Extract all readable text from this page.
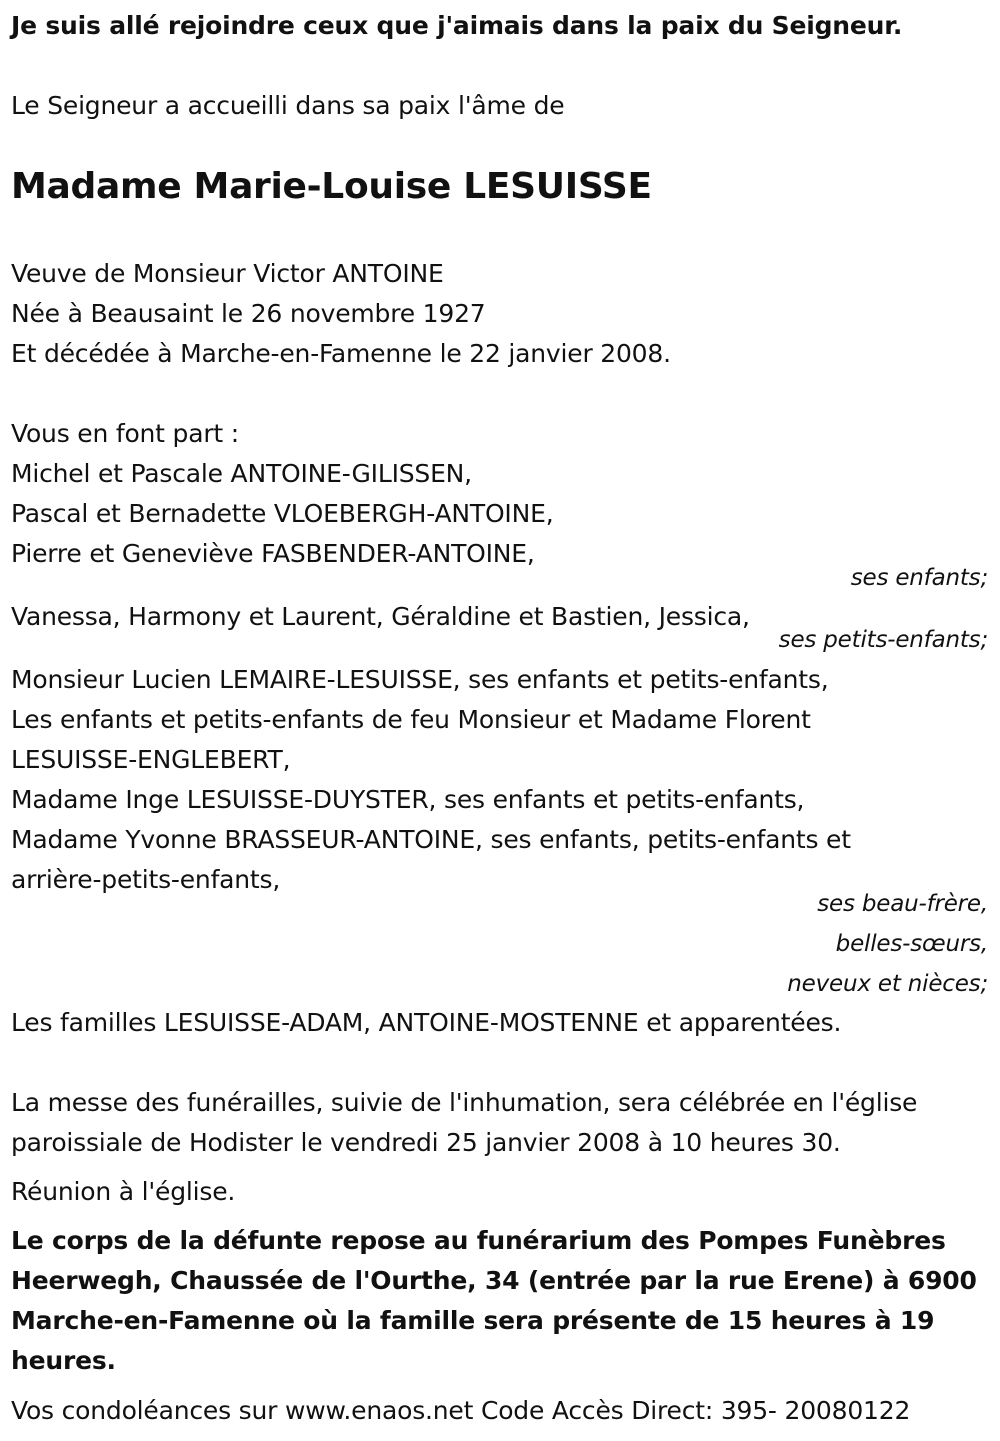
Je suis allé rejoindre ceux que j'aimais dans la paix du Seigneur.

Le Seigneur a accueilli dans sa paix l'âme de

Madame Marie-Louise LESUISSE

Veuve de Monsieur Victor ANTOINE

Née à Beausaint le 26 novembre 1927

Et décédée à Marche-en-Famenne le 22 janvier 2008.

Vous en font part :

Michel et Pascale ANTOINE-GILISSEN,

Pascal et Bernadette VLOEBERGH-ANTOINE,

Pierre et Geneviève FASBENDER-ANTOINE,

ses enfants;

Vanessa, Harmony et Laurent, Géraldine et Bastien, Jessica,

ses petits-enfants;

Monsieur Lucien LEMAIRE-LESUISSE, ses enfants et petits-enfants,

Les enfants et petits-enfants de feu Monsieur et Madame Florent

LESUISSE-ENGLEBERT,

Madame Inge LESUISSE-DUYSTER, ses enfants et petits-enfants,

Madame Yvonne BRASSEUR-ANTOINE, ses enfants, petits-enfants et

arrière-petits-enfants,

ses beau-frère,

belles-sœurs,

neveux et nièces;

Les familles LESUISSE-ADAM, ANTOINE-MOSTENNE et apparentées.

La messe des funérailles, suivie de l'inhumation, sera célébrée en l'église

paroissiale de Hodister le vendredi 25 janvier 2008 à 10 heures 30.

Réunion à l'église.

Le corps de la défunte repose au funérarium des Pompes Funèbres

Heerwegh, Chaussée de l'Ourthe, 34 (entrée par la rue Erene) à 6900

Marche-en-Famenne où la famille sera présente de 15 heures à 19

heures.

Vos condoléances sur www.enaos.net Code Accès Direct: 395- 20080122
